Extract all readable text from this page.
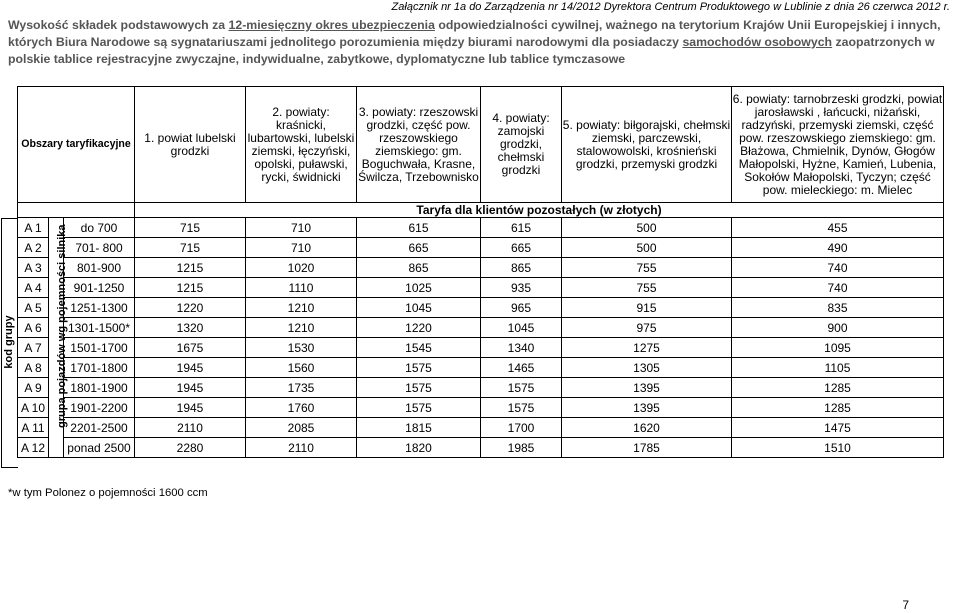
Załącznik nr 1a do Zarządzenia nr 14/2012 Dyrektora Centrum Produktowego w Lublinie z dnia 26 czerwca 2012 r.
Wysokość składek podstawowych za 12-miesięczny okres ubezpieczenia odpowiedzialności cywilnej, ważnego na terytorium Krajów Unii Europejskiej i innych, których Biura Narodowe są sygnatariuszami jednolitego porozumienia między biurami narodowymi dla posiadaczy samochodów osobowych zaopatrzonych w polskie tablice rejestracyjne zwyczajne, indywidualne, zabytkowe, dyplomatyczne lub tablice tymczasowe
kod grupy
Obszary taryfikacyjne			1. powiat lubelski grodzki	2. powiaty: kraśnicki, lubartowski, lubelski ziemski, łęczyński, opolski, puławski, rycki, świdnicki	3. powiaty: rzeszowski grodzki, część pow. rzeszowskiego ziemskiego: gm. Boguchwała, Krasne, Świlcza, Trzebownisko	4. powiaty: zamojski grodzki, chełmski grodzki	5. powiaty: biłgorajski, chełmski ziemski, parczewski, stalowowolski, krośnieński grodzki, przemyski grodzki	6. powiaty: tarnobrzeski grodzki, powiat jarosławski , łańcucki, niżański, radzyński, przemyski ziemski, część pow. rzeszowskiego ziemskiego: gm. Błażowa, Chmielnik, Dynów, Głogów Małopolski, Hyżne, Kamień, Lubenia, Sokołów Małopolski, Tyczyn; część pow. mieleckiego: m. Mielec
			Taryfa dla klientów pozostałych (w złotych)					
A 1		do 700	715	710	615	615	500	455
A 2		701- 800	715	710	665	665	500	490
A 3		801-900	1215	1020	865	865	755	740
A 4		901-1250	1215	1110	1025	935	755	740
A 5		1251-1300	1220	1210	1045	965	915	835
A 6		1301-1500*	1320	1210	1220	1045	975	900
A 7		1501-1700	1675	1530	1545	1340	1275	1095
A 8		1701-1800	1945	1560	1575	1465	1305	1105
A 9		1801-1900	1945	1735	1575	1575	1395	1285
A 10		1901-2200	1945	1760	1575	1575	1395	1285
A 11		2201-2500	2110	2085	1815	1700	1620	1475
A 12		ponad 2500	2280	2110	1820	1985	1785	1510
grupa pojazdów wg pojemności silnika
*w tym Polonez o pojemności 1600 ccm
7
